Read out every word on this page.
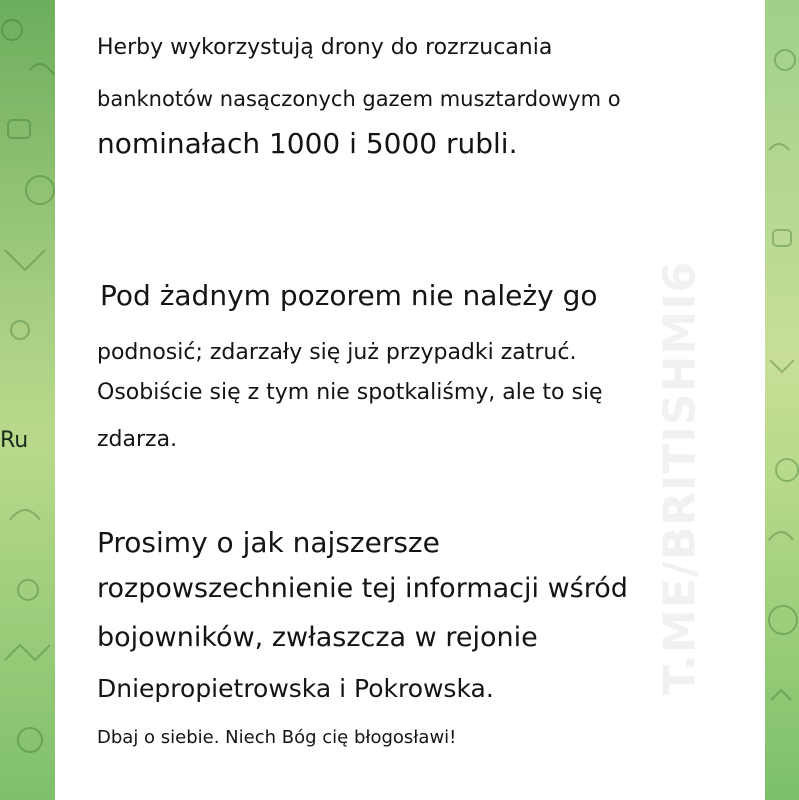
Ru	T.ME/BRITISHMI6

Herby wykorzystują drony do rozrzucania

banknotów nasączonych gazem musztardowym o

nominałach 1000 i 5000 rubli.

Pod żadnym pozorem nie należy go

podnosić; zdarzały się już przypadki zatruć.

Osobiście się z tym nie spotkaliśmy, ale to się

zdarza.

Prosimy o jak najszersze

rozpowszechnienie tej informacji wśród

bojowników, zwłaszcza w rejonie

Dniepropietrowska i Pokrowska.

Dbaj o siebie. Niech Bóg cię błogosławi!
